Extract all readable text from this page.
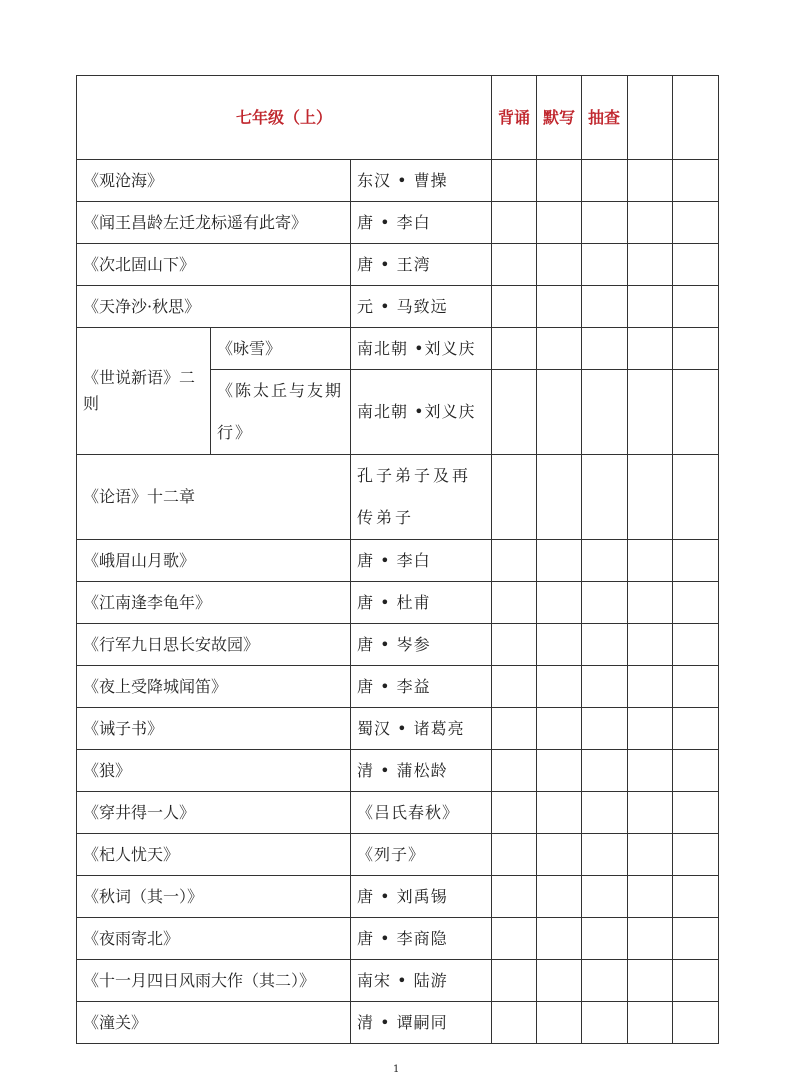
七年级（上）			背诵	默写	抽查		
《观沧海》		东汉 • 曹操					
《闻王昌龄左迁龙标遥有此寄》		唐 • 李白					
《次北固山下》		唐 • 王湾					
《天净沙·秋思》		元 • 马致远					
《世说新语》二则	《咏雪》	南北朝 •刘义庆					
	《陈太丘与友期行》	南北朝 •刘义庆					
《论语》十二章		孔子弟子及再传弟子					
《峨眉山月歌》		唐 • 李白					
《江南逢李龟年》		唐 • 杜甫					
《行军九日思长安故园》		唐 • 岑参					
《夜上受降城闻笛》		唐 • 李益					
《诫子书》		蜀汉 • 诸葛亮					
《狼》		清 • 蒲松龄					
《穿井得一人》		《吕氏春秋》					
《杞人忧天》		《列子》					
《秋词（其一）》		唐 • 刘禹锡					
《夜雨寄北》		唐 • 李商隐					
《十一月四日风雨大作（其二）》		南宋 • 陆游					
《潼关》		清 • 谭嗣同					
1
